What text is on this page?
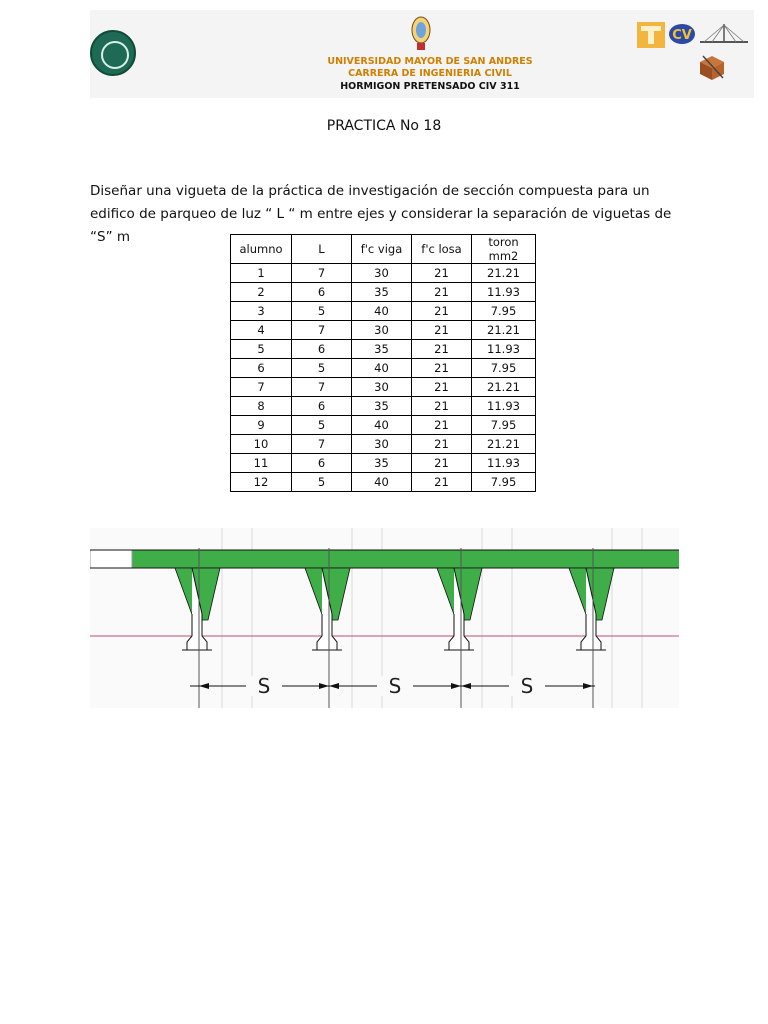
UNIVERSIDAD MAYOR DE SAN ANDRES
CARRERA DE INGENIERIA CIVIL
HORMIGON PRETENSADO CIV 311
CV
PRACTICA No 18
Diseñar una vigueta de la práctica de investigación de sección compuesta para un edifico de parqueo de luz “ L “ m entre ejes y considerar la separación de viguetas de “S” m
alumno	L	f'c viga	f'c losa	toron mm2
1	7	30	21	21.21
2	6	35	21	11.93
3	5	40	21	7.95
4	7	30	21	21.21
5	6	35	21	11.93
6	5	40	21	7.95
7	7	30	21	21.21
8	6	35	21	11.93
9	5	40	21	7.95
10	7	30	21	21.21
11	6	35	21	11.93
12	5	40	21	7.95
S	S	S
